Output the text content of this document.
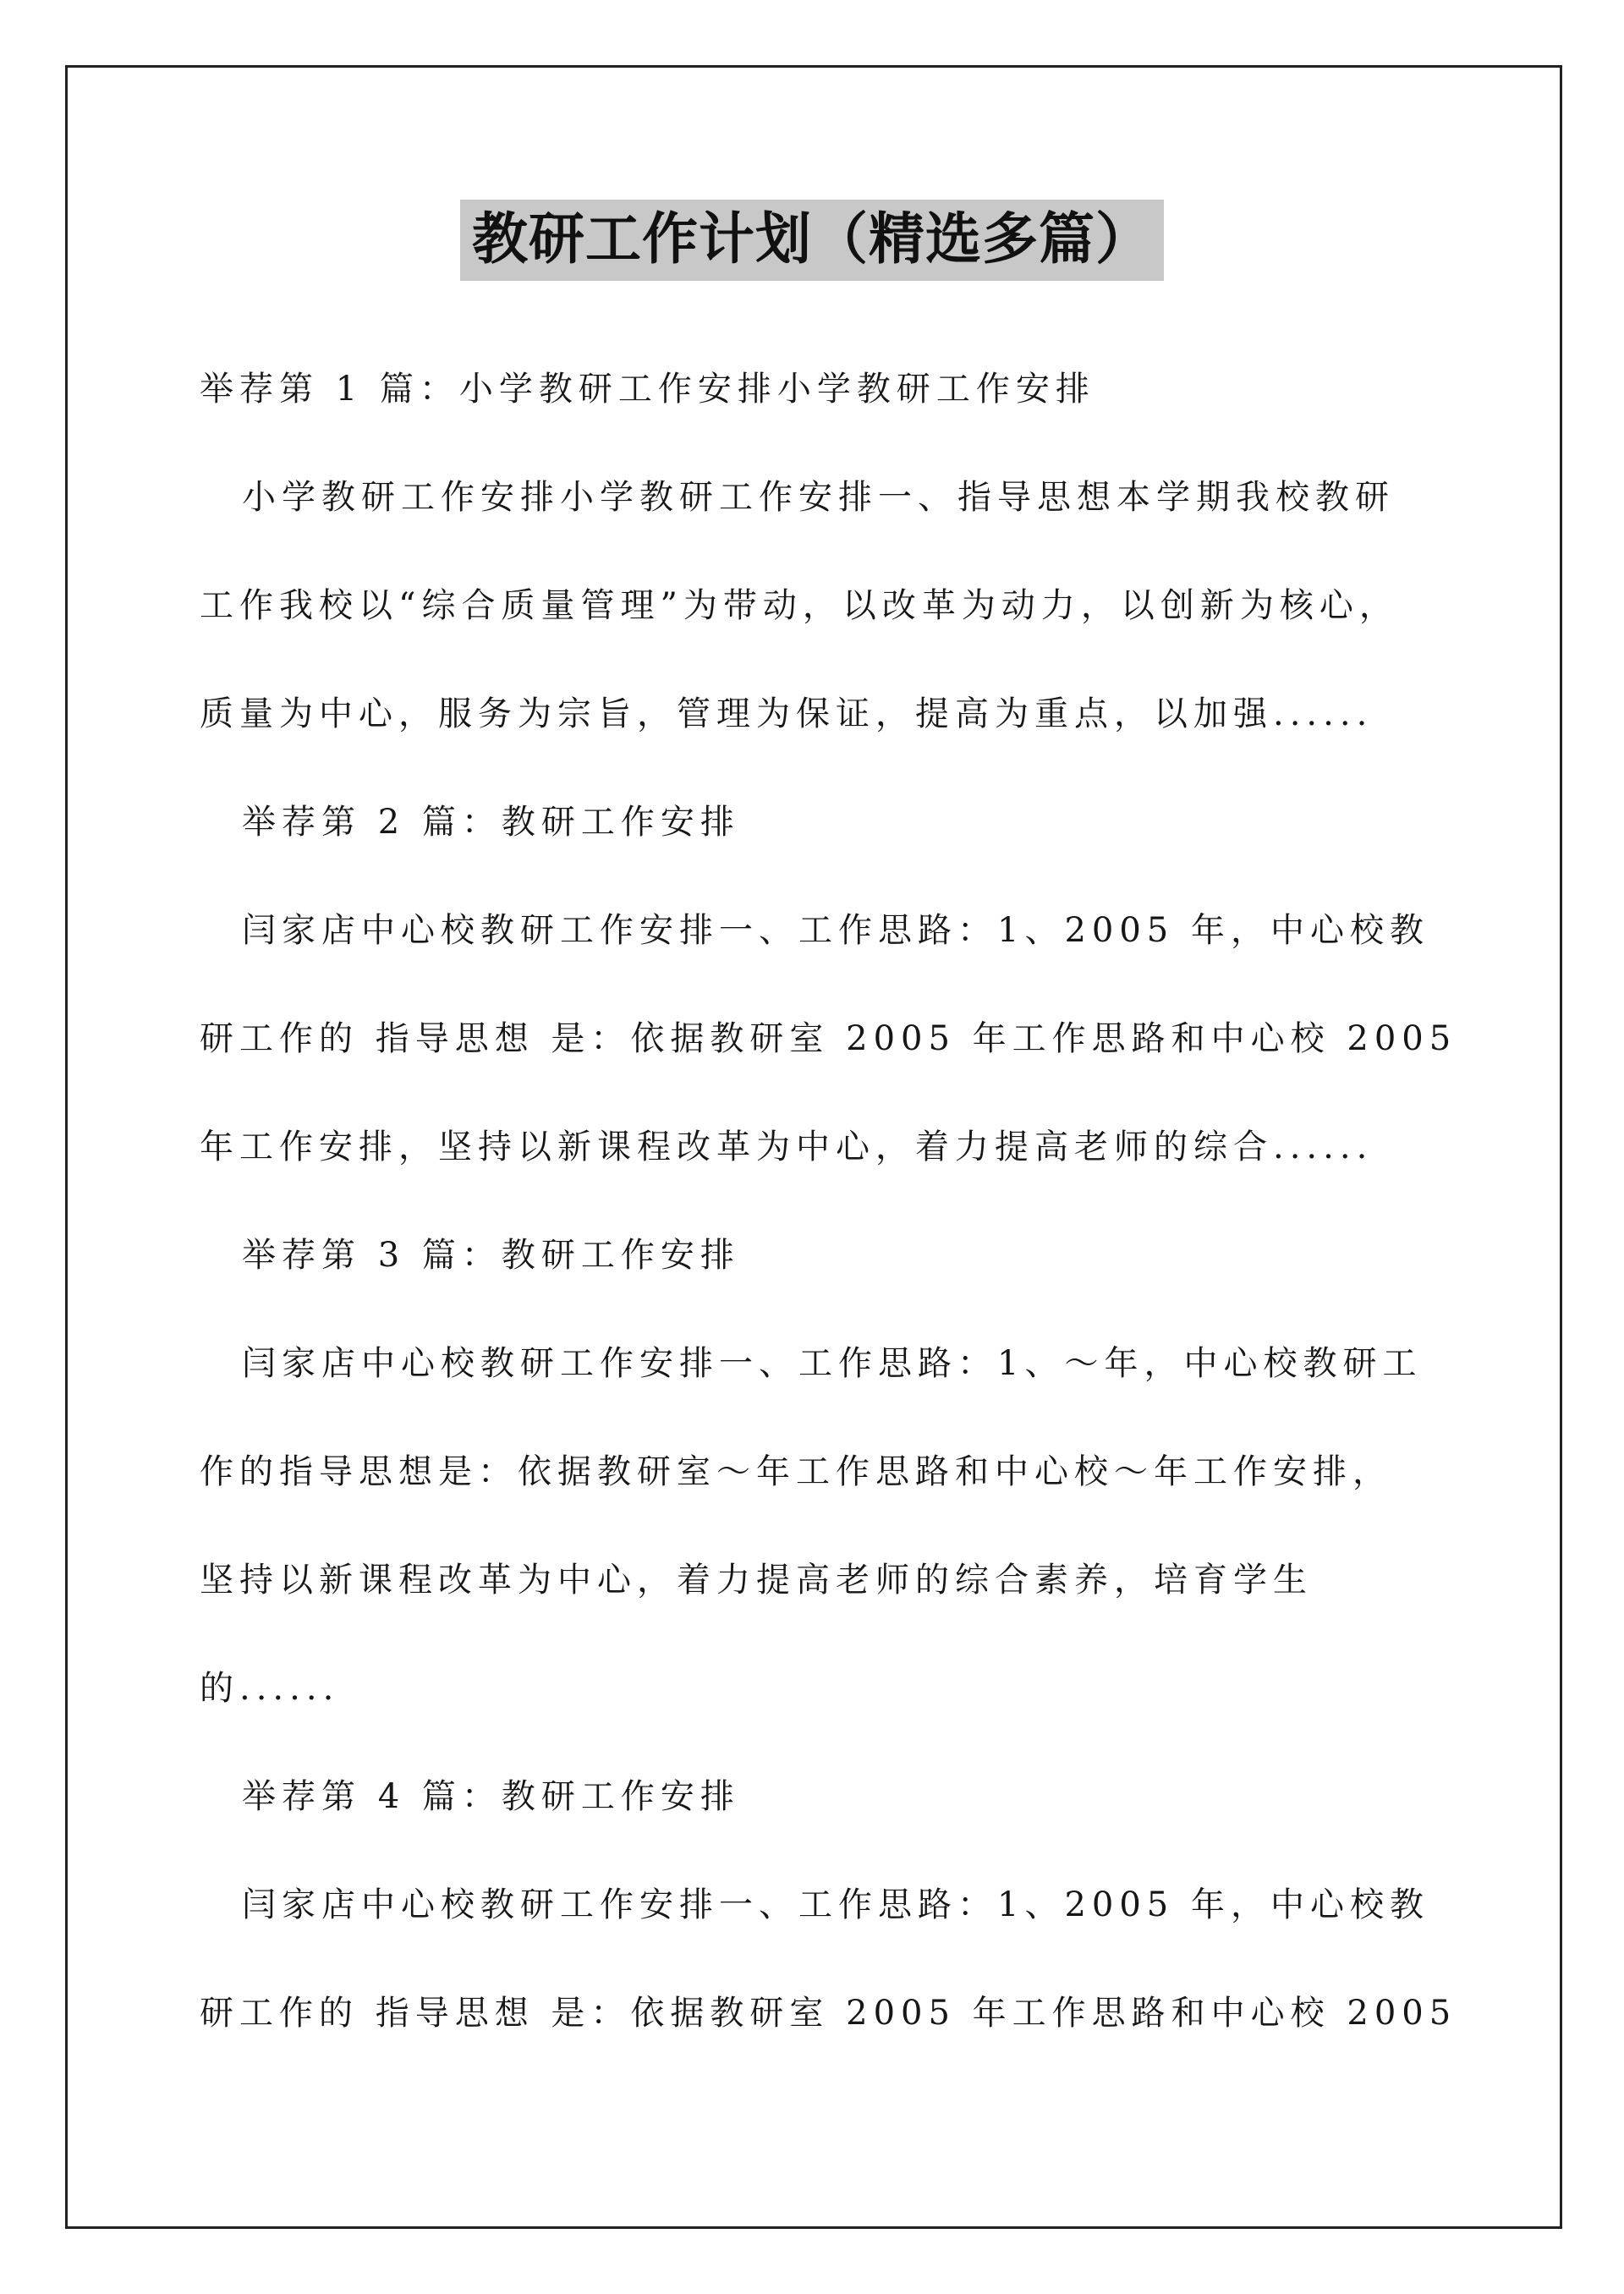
教研工作计划（精选多篇）
举荐第 1 篇：小学教研工作安排小学教研工作安排
小学教研工作安排小学教研工作安排一、指导思想本学期我校教研
工作我校以“综合质量管理”为带动，以改革为动力，以创新为核心，
质量为中心，服务为宗旨，管理为保证，提高为重点，以加强......
举荐第 2 篇：教研工作安排
闫家店中心校教研工作安排一、工作思路：1、2005 年，中心校教
研工作的 指导思想 是：依据教研室 2005 年工作思路和中心校 2005
年工作安排，坚持以新课程改革为中心，着力提高老师的综合......
举荐第 3 篇：教研工作安排
闫家店中心校教研工作安排一、工作思路：1、～年，中心校教研工
作的指导思想是：依据教研室～年工作思路和中心校～年工作安排，
坚持以新课程改革为中心，着力提高老师的综合素养，培育学生
的......
举荐第 4 篇：教研工作安排
闫家店中心校教研工作安排一、工作思路：1、2005 年，中心校教
研工作的 指导思想 是：依据教研室 2005 年工作思路和中心校 2005
